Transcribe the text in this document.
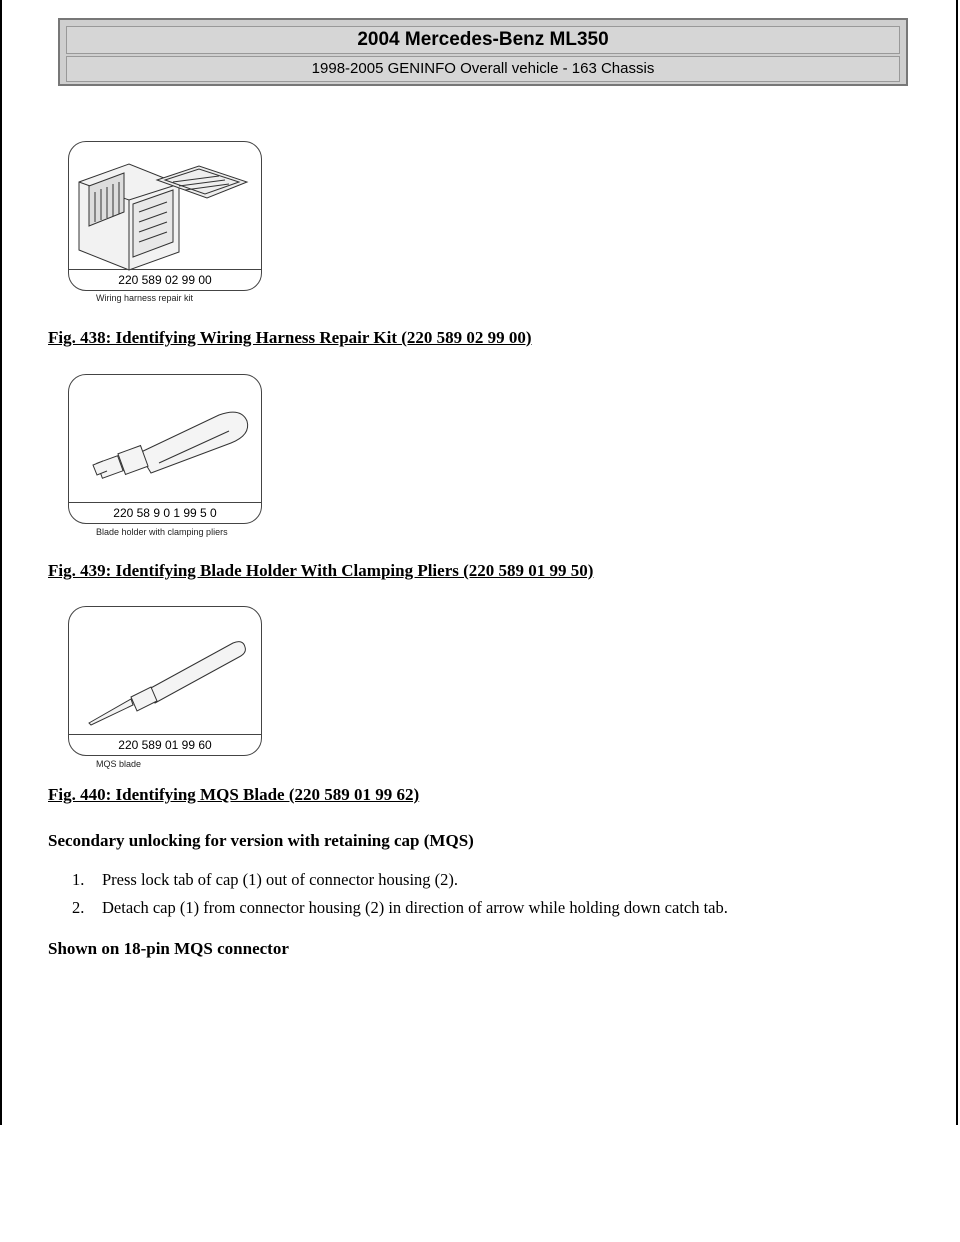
2004 Mercedes-Benz ML350
1998-2005 GENINFO Overall vehicle - 163 Chassis
220 589 02 99 00
Wiring harness repair kit
Fig. 438: Identifying Wiring Harness Repair Kit (220 589 02 99 00)
220 58 9 0 1 99 5 0
Blade holder with clamping pliers
Fig. 439: Identifying Blade Holder With Clamping Pliers (220 589 01 99 50)
220 589 01 99 60
MQS blade
Fig. 440: Identifying MQS Blade (220 589 01 99 62)
Secondary unlocking for version with retaining cap (MQS)
1. Press lock tab of cap (1) out of connector housing (2).
2. Detach cap (1) from connector housing (2) in direction of arrow while holding down catch tab.
Shown on 18-pin MQS connector
